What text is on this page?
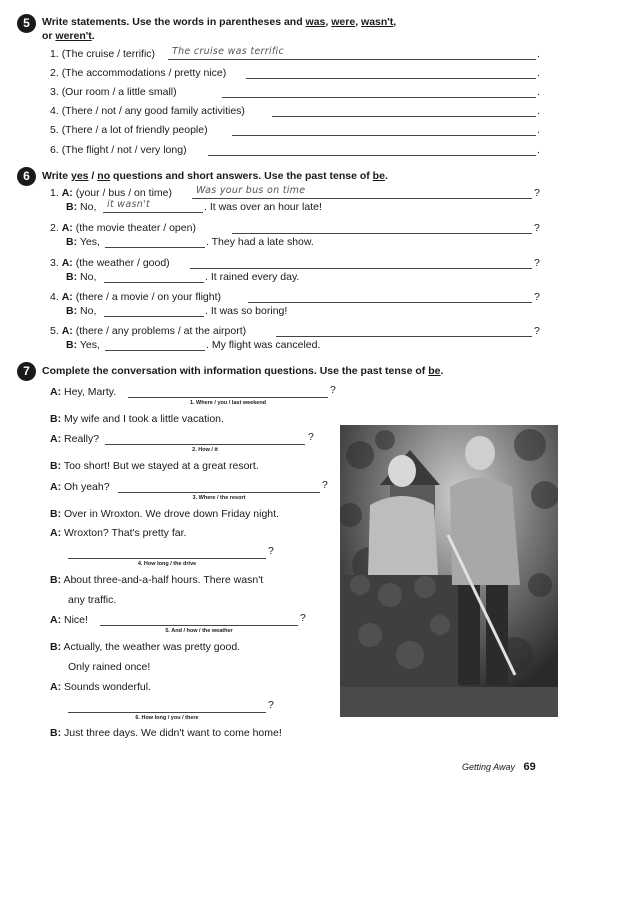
5	Write statements. Use the words in parentheses and was, were, wasn't,
or weren't.
1. (The cruise / terrific) The cruise was terrific	.
2. (The accommodations / pretty nice)	.
3. (Our room / a little small)	.
4. (There / not / any good family activities)	.
5. (There / a lot of friendly people)	.
6. (The flight / not / very long)	.
6	Write yes / no questions and short answers. Use the past tense of be.
1. A: (your / bus / on time)	Was your bus on time	?
B: No, it wasn't	. It was over an hour late!
2. A: (the movie theater / open)	?
B: Yes,	. They had a late show.
3. A: (the weather / good)	?
B: No,	. It rained every day.
4. A: (there / a movie / on your flight)	?
B: No,	. It was so boring!
5. A: (there / any problems / at the airport)	?
B: Yes,	. My flight was canceled.
7	Complete the conversation with information questions. Use the past tense of be.
A: Hey, Marty.	?
1. Where / you / last weekend
B: My wife and I took a little vacation.
A: Really?	?
2. How / it
B: Too short! But we stayed at a great resort.
A: Oh yeah?	?
3. Where / the resort
B: Over in Wroxton. We drove down Friday night.
A: Wroxton? That's pretty far.
?
4. How long / the drive
B: About three-and-a-half hours. There wasn't
any traffic.
A: Nice!	?
5. And / how / the weather
B: Actually, the weather was pretty good.
Only rained once!
A: Sounds wonderful.
?
6. How long / you / there
B: Just three days. We didn't want to come home!
Getting Away 69
